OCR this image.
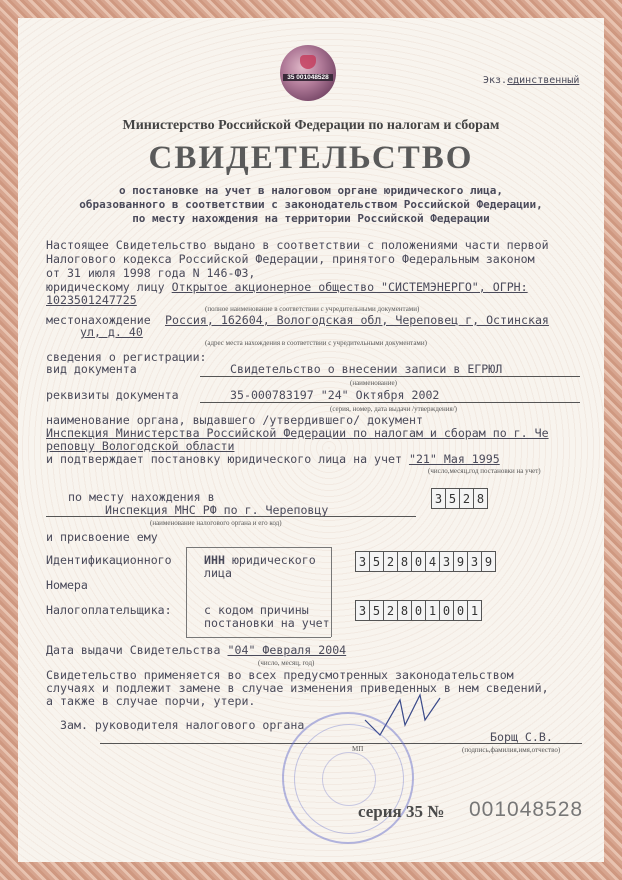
35 001048528	Экз.единственный
Министерство Российской Федерации по налогам и сборам
СВИДЕТЕЛЬСТВО
о постановке на учет в налоговом органе юридического лица,
образованного в соответствии с законодательством Российской Федерации,
по месту нахождения на территории Российской Федерации
Настоящее Свидетельство выдано в соответствии с положениями части первой
Налогового кодекса Российской Федерации, принятого Федеральным законом
от 31 июля 1998 года N 146-ФЗ,
юридическому лицу Открытое акционерное общество "СИСТЕМЭНЕРГО", ОГРН:
1023501247725
(полное наименование в соответствии с учредительными документами)
местонахождение Россия, 162604, Вологодская обл, Череповец г, Остинская
ул, д. 40
(адрес места нахождения в соответствии с учредительными документами)
сведения о регистрации:
вид документа	Свидетельство о внесении записи в ЕГРЮЛ
(наименование)
реквизиты документа	35-000783197 "24" Октября 2002
(серия, номер, дата выдачи /утверждения/)
наименование органа, выдавшего /утвердившего/ документ
Инспекция Министерства Российской Федерации по налогам и сборам по г. Че
реповцу Вологодской области
и подтверждает постановку юридического лица на учет "21" Мая 1995
(число,месяц,год постановки на учет)
по месту нахождения в
Инспекция МНС РФ по г. Череповцу
(наименование налогового органа и его код)
3 5 2 8
и присвоение ему
Идентификационного
Номера
Налогоплательщика:
ИНН юридического
лица
3 5 2 8 0 4 3 9 3 9
с кодом причины
постановки на учет
3 5 2 8 0 1 0 0 1
Дата выдачи Свидетельства "04" Февраля 2004
(число, месяц, год)
Свидетельство применяется во всех предусмотренных законодательством
случаях и подлежит замене в случае изменения приведенных в нем сведений,
а также в случае порчи, утери.
Зам. руководителя налогового органа
Борщ С.В.
МП	(подпись,фамилия,имя,отчество)
серия 35 № 001048528
